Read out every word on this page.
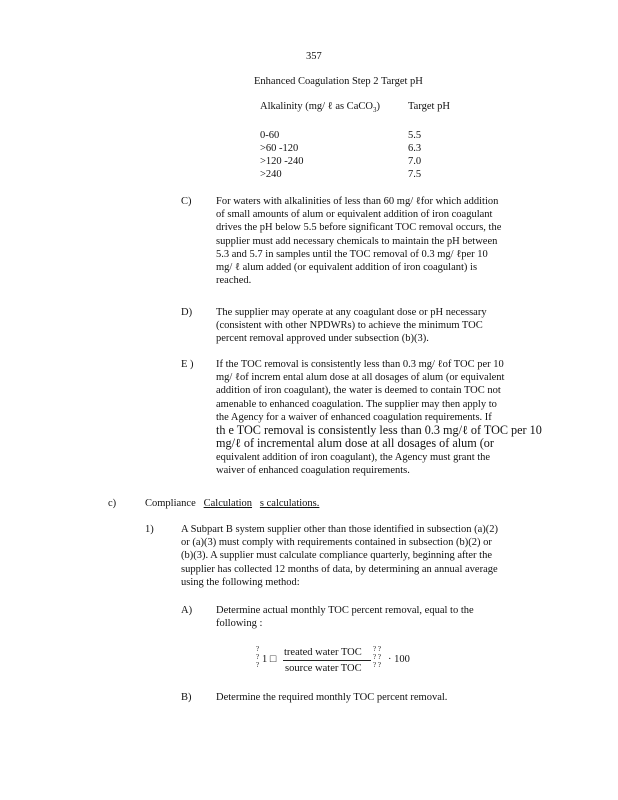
357
Enhanced Coagulation Step 2 Target pH
Alkalinity (mg/ ℓ as CaCO$_3$)	Target pH
0-60	5.5
>60 -120	6.3
>120 -240	7.0
>240	7.5
C) For waters with alkalinities of less than 60 mg/ ℓfor which addition
of small amounts of alum or equivalent addition of iron coagulant
drives the pH below 5.5 before significant TOC removal occurs, the
supplier must add necessary chemicals to maintain the pH between
5.3 and 5.7 in samples until the TOC removal of 0.3 mg/ ℓper 10
mg/ ℓ alum added (or equivalent addition of iron coagulant) is
reached.
D) The supplier may operate at any coagulant dose or pH necessary
(consistent with other NPDWRs) to achieve the minimum TOC
percent removal approved under subsection (b)(3).
E ) If the TOC removal is consistently less than 0.3 mg/ ℓof TOC per 10
mg/ ℓof increm ental alum dose at all dosages of alum (or equivalent
addition of iron coagulant), the water is deemed to contain TOC not
amenable to enhanced coagulation. The supplier may then apply to
the Agency for a waiver of enhanced coagulation requirements. If
th e TOC removal is consistently less than 0.3 mg/ℓ of TOC per 10
mg/ℓ of incremental alum dose at all dosages of alum (or
equivalent addition of iron coagulant), the Agency must grant the
waiver of enhanced coagulation requirements.
c)	Compliance Calculation s calculations.
1)	A Subpart B system supplier other than those identified in subsection (a)(2)
or (a)(3) must comply with requirements contained in subsection (b)(2) or
(b)(3). A supplier must calculate compliance quarterly, beginning after the
supplier has collected 12 months of data, by determining an annual average
using the following method:
A) Determine actual monthly TOC percent removal, equal to the
following :
?
?
? 1 □
treated water TOC
source water TOC
? ?
? ?
? ? · 100
B) Determine the required monthly TOC percent removal.
